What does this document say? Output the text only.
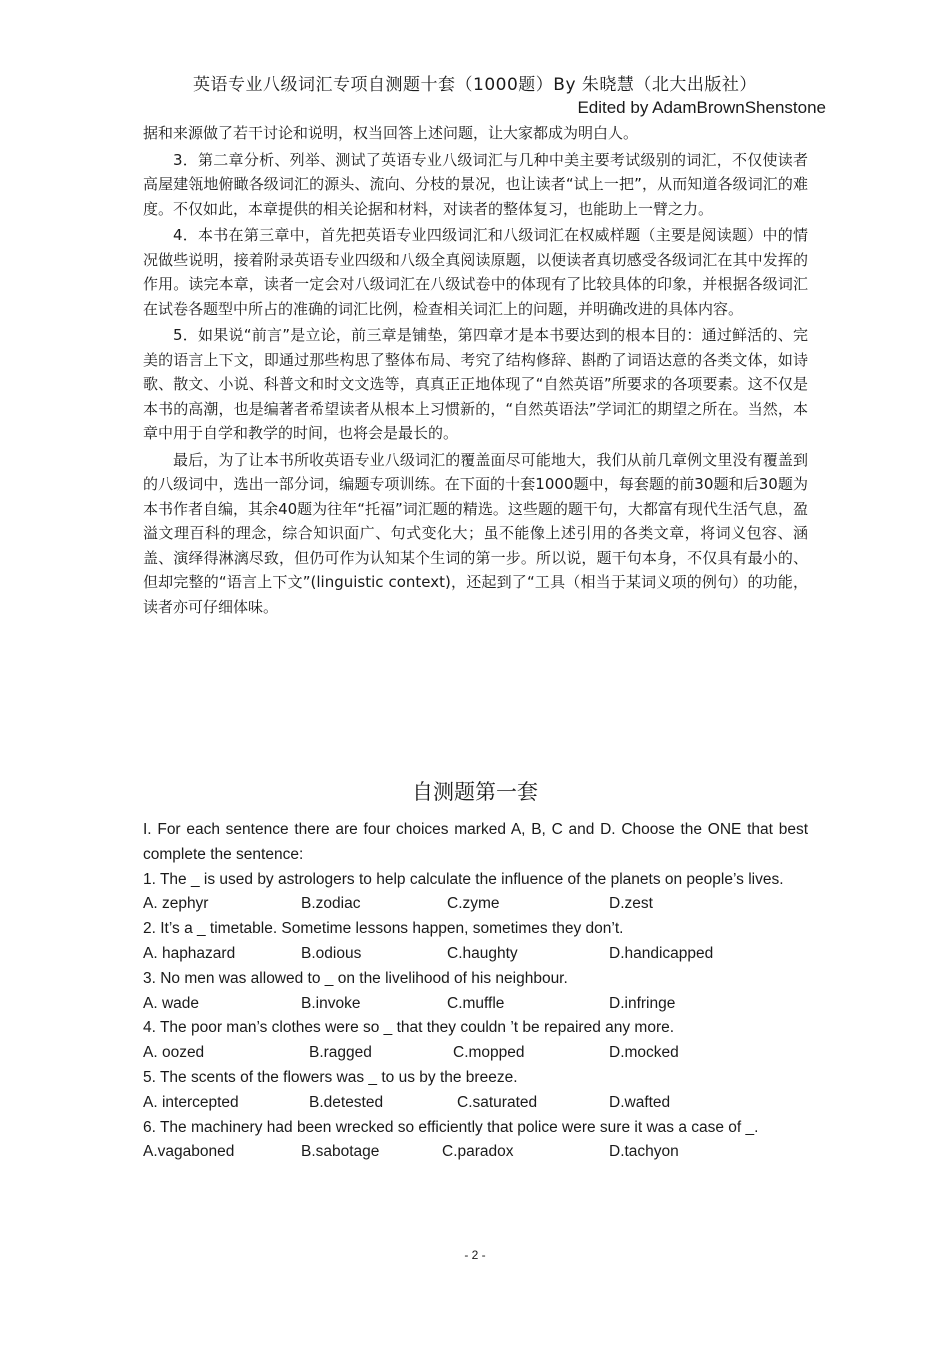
英语专业八级词汇专项自测题十套（1000题）By 朱晓慧（北大出版社）
Edited by AdamBrownShenstone

据和来源做了若干讨论和说明，权当回答上述问题，让大家都成为明白人。

3．第二章分析、列举、测试了英语专业八级词汇与几种中美主要考试级别的词汇，不仅使读者高屋建瓴地俯瞰各级词汇的源头、流向、分枝的景况，也让读者“试上一把”，从而知道各级词汇的难度。不仅如此，本章提供的相关论据和材料，对读者的整体复习，也能助上一臂之力。

4．本书在第三章中，首先把英语专业四级词汇和八级词汇在权威样题（主要是阅读题）中的情况做些说明，接着附录英语专业四级和八级全真阅读原题，以便读者真切感受各级词汇在其中发挥的作用。读完本章，读者一定会对八级词汇在八级试卷中的体现有了比较具体的印象，并根据各级词汇在试卷各题型中所占的准确的词汇比例，检查相关词汇上的问题，并明确改进的具体内容。

5．如果说“前言”是立论，前三章是铺垫，第四章才是本书要达到的根本目的：通过鲜活的、完美的语言上下文，即通过那些构思了整体布局、考究了结构修辞、斟酌了词语达意的各类文体，如诗歌、散文、小说、科普文和时文文选等，真真正正地体现了“自然英语”所要求的各项要素。这不仅是本书的高潮，也是编著者希望读者从根本上习惯新的，“自然英语法”学词汇的期望之所在。当然，本章中用于自学和教学的时间，也将会是最长的。

最后，为了让本书所收英语专业八级词汇的覆盖面尽可能地大，我们从前几章例文里没有覆盖到的八级词中，选出一部分词，编题专项训练。在下面的十套1000题中，每套题的前30题和后30题为本书作者自编，其余40题为往年“托福”词汇题的精选。这些题的题干句，大都富有现代生活气息，盈溢文理百科的理念，综合知识面广、句式变化大；虽不能像上述引用的各类文章，将词义包容、涵盖、演绎得淋漓尽致，但仍可作为认知某个生词的第一步。所以说，题干句本身，不仅具有最小的、但却完整的“语言上下文”(linguistic context)，还起到了“工具（相当于某词义项的例句）的功能，读者亦可仔细体味。

自测题第一套

I. For each sentence there are four choices marked A, B, C and D. Choose the ONE that best complete the sentence:

1. The _ is used by astrologers to help calculate the influence of the planets on people’s lives.

A. zephyr	B.zodiac	C.zyme	D.zest

2. It’s a _ timetable. Sometime lessons happen, sometimes they don’t.

A. haphazard	B.odious	C.haughty	D.handicapped

3. No men was allowed to _ on the livelihood of his neighbour.

A. wade	B.invoke	C.muffle	D.infringe

4. The poor man’s clothes were so _ that they couldn ’t be repaired any more.

A. oozed	B.ragged	C.mopped	D.mocked

5. The scents of the flowers was _ to us by the breeze.

A. intercepted	B.detested	C.saturated	D.wafted

6. The machinery had been wrecked so efficiently that police were sure it was a case of _.

A.vagaboned	B.sabotage	C.paradox	D.tachyon
- 2 -
